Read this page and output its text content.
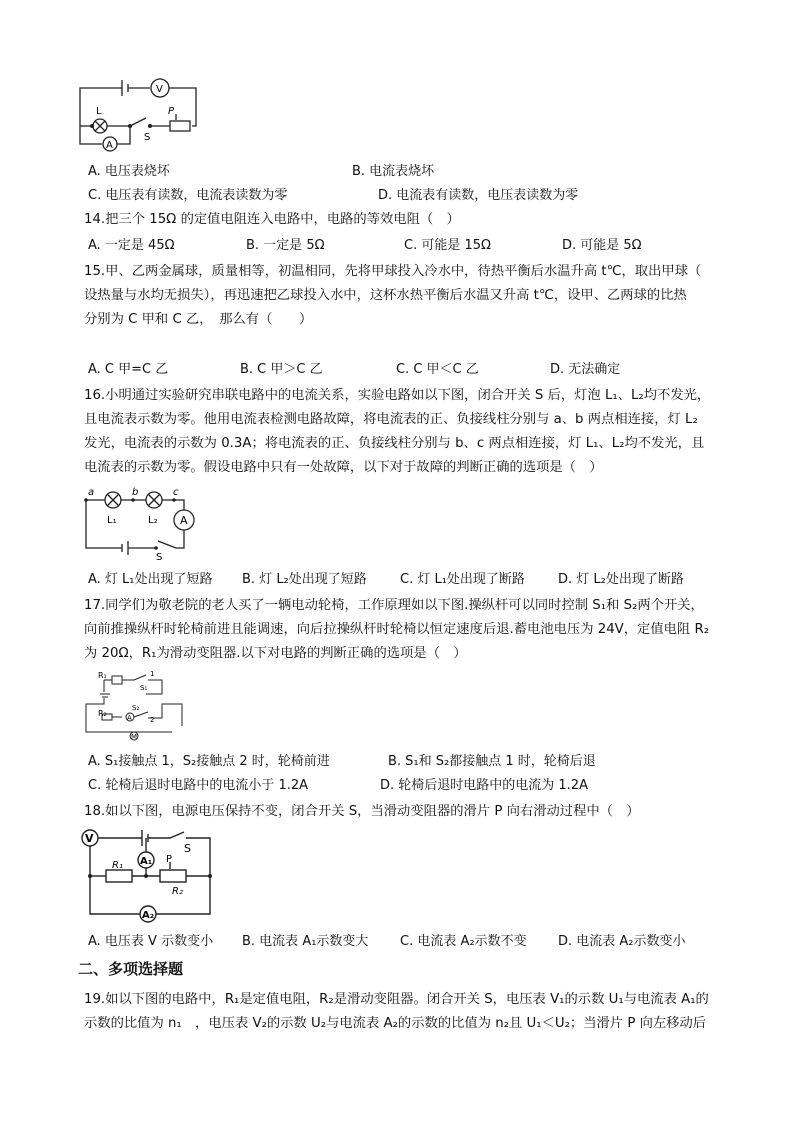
V
L
A
S
P
A. 电压表烧坏	B. 电流表烧坏
C. 电压表有读数，电流表读数为零	D. 电流表有读数，电压表读数为零
14.把三个 15Ω 的定值电阻连入电路中，电路的等效电阻（　）
A. 一定是 45Ω	B. 一定是 5Ω	C. 可能是 15Ω	D. 可能是 5Ω
15.甲、乙两金属球，质量相等，初温相同，先将甲球投入冷水中，待热平衡后水温升高 t℃，取出甲球（
设热量与水均无损失），再迅速把乙球投入水中，这杯水热平衡后水温又升高 t℃，设甲、乙两球的比热
分别为 C 甲和 C 乙，　那么有（　　）
A. C 甲=C 乙	B. C 甲＞C 乙	C. C 甲＜C 乙	D. 无法确定
16.小明通过实验研究串联电路中的电流关系，实验电路如以下图，闭合开关 S 后，灯泡 L₁、L₂均不发光，
且电流表示数为零。他用电流表检测电路故障，将电流表的正、负接线柱分别与 a、b 两点相连接，灯 L₂
发光，电流表的示数为 0.3A；将电流表的正、负接线柱分别与 b、c 两点相连接，灯 L₁、L₂均不发光，且
电流表的示数为零。假设电路中只有一处故障，以下对于故障的判断正确的选项是（　）
a	b	c
L₁	L₂ A
S
A. 灯 L₁处出现了短路 B. 灯 L₂处出现了短路	C. 灯 L₁处出现了断路	D. 灯 L₂处出现了断路
17.同学们为敬老院的老人买了一辆电动轮椅，工作原理如以下图.操纵杆可以同时控制 S₁和 S₂两个开关，
向前推操纵杆时轮椅前进且能调速，向后拉操纵杆时轮椅以恒定速度后退.蓄电池电压为 24V，定值电阻 R₂
为 20Ω，R₁为滑动变阻器.以下对电路的判断正确的选项是（　）
R₁
R₂
S₁
S₂
A
M
1
2
A. S₁接触点 1，S₂接触点 2 时，轮椅前进	B. S₁和 S₂都接触点 1 时，轮椅后退
C. 轮椅后退时电路中的电流小于 1.2A	D. 轮椅后退时电路中的电流为 1.2A
18.如以下图，电源电压保持不变，闭合开关 S，当滑动变阻器的滑片 P 向右滑动过程中（　）
V
A₁
A₂
S
P
R₁
R₂
A. 电压表 V 示数变小 B. 电流表 A₁示数变大 C. 电流表 A₂示数不变 D. 电流表 A₂示数变小
二、多项选择题
19.如以下图的电路中，R₁是定值电阻，R₂是滑动变阻器。闭合开关 S，电压表 V₁的示数 U₁与电流表 A₁的
示数的比值为 n₁　，电压表 V₂的示数 U₂与电流表 A₂的示数的比值为 n₂且 U₁＜U₂；当滑片 P 向左移动后
